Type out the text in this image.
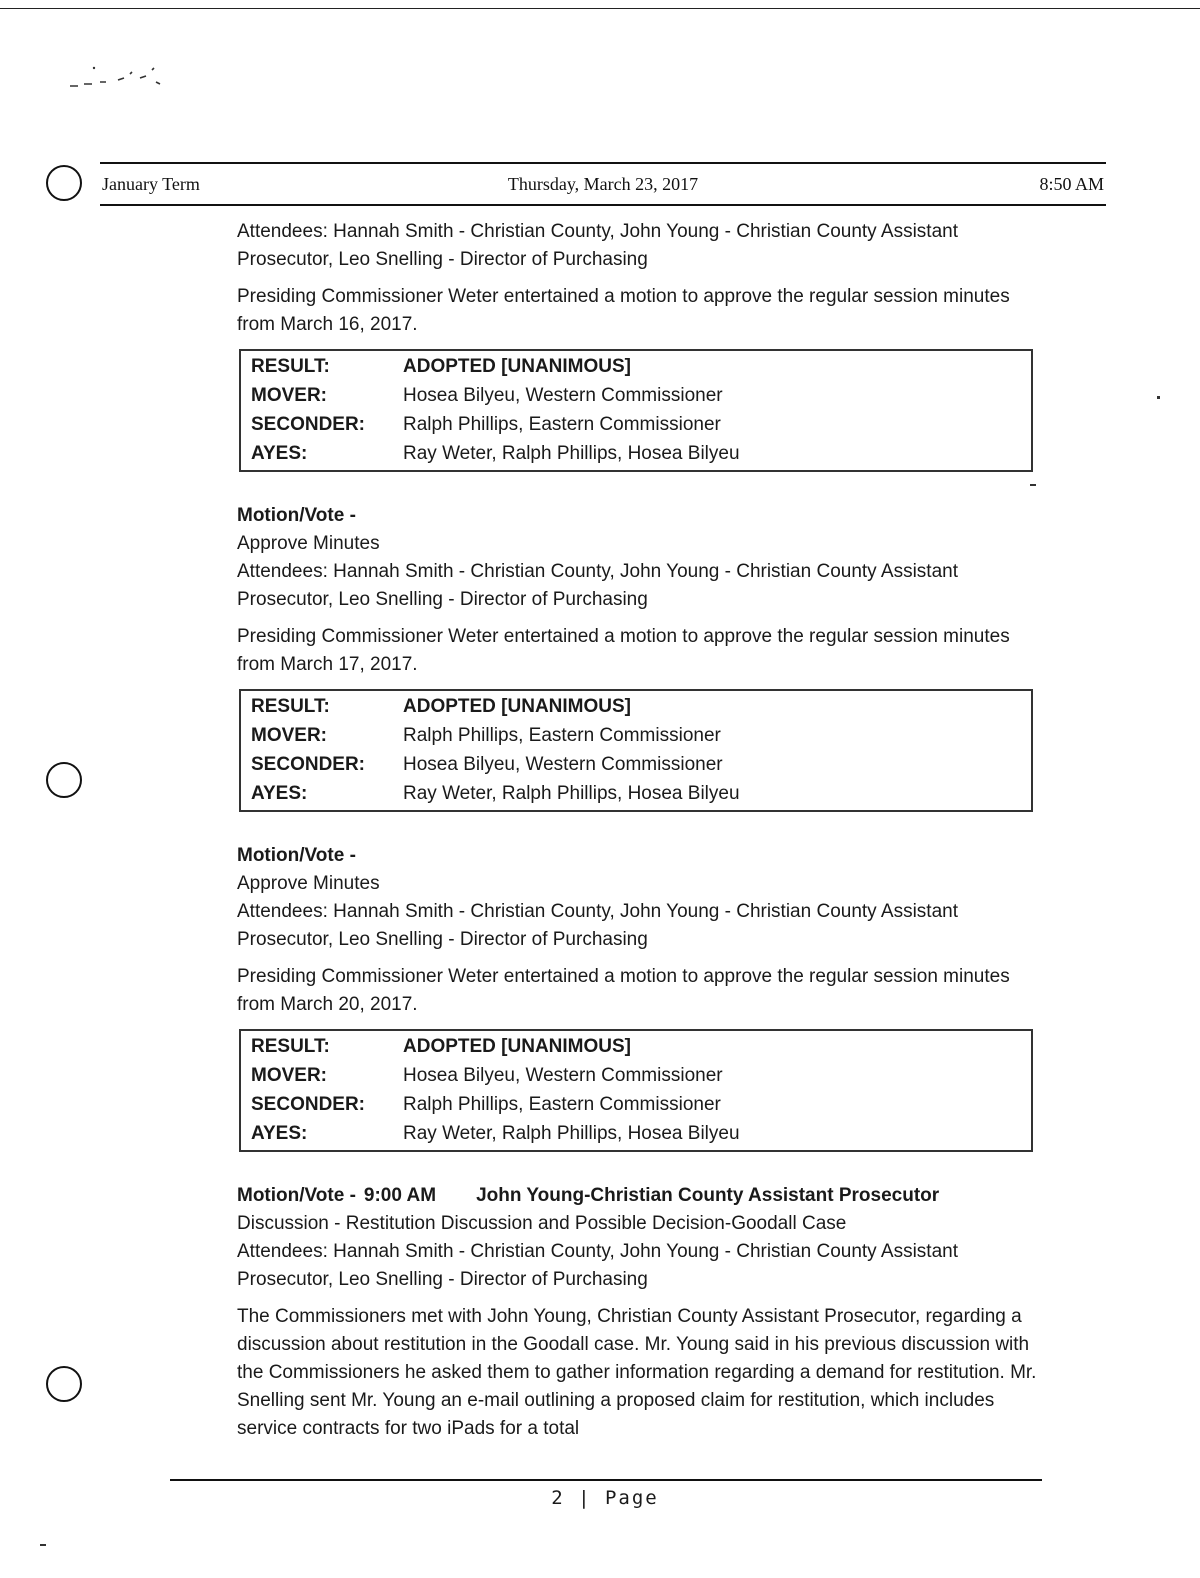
January Term	Thursday, March 23, 2017	8:50 AM

Attendees: Hannah Smith - Christian County, John Young - Christian County Assistant Prosecutor, Leo Snelling - Director of Purchasing

Presiding Commissioner Weter entertained a motion to approve the regular session minutes from March 16, 2017.

RESULT:	ADOPTED [UNANIMOUS]
MOVER:	Hosea Bilyeu, Western Commissioner
SECONDER:	Ralph Phillips, Eastern Commissioner
AYES:	Ray Weter, Ralph Phillips, Hosea Bilyeu

Motion/Vote -

Approve Minutes

Attendees: Hannah Smith - Christian County, John Young - Christian County Assistant Prosecutor, Leo Snelling - Director of Purchasing

Presiding Commissioner Weter entertained a motion to approve the regular session minutes from March 17, 2017.

RESULT:	ADOPTED [UNANIMOUS]
MOVER:	Ralph Phillips, Eastern Commissioner
SECONDER:	Hosea Bilyeu, Western Commissioner
AYES:	Ray Weter, Ralph Phillips, Hosea Bilyeu

Motion/Vote -

Approve Minutes

Attendees: Hannah Smith - Christian County, John Young - Christian County Assistant Prosecutor, Leo Snelling - Director of Purchasing

Presiding Commissioner Weter entertained a motion to approve the regular session minutes from March 20, 2017.

RESULT:	ADOPTED [UNANIMOUS]
MOVER:	Hosea Bilyeu, Western Commissioner
SECONDER:	Ralph Phillips, Eastern Commissioner
AYES:	Ray Weter, Ralph Phillips, Hosea Bilyeu
Motion/Vote - 9:00 AM John Young-Christian County Assistant Prosecutor

Discussion - Restitution Discussion and Possible Decision-Goodall Case

Attendees: Hannah Smith - Christian County, John Young - Christian County Assistant Prosecutor, Leo Snelling - Director of Purchasing

The Commissioners met with John Young, Christian County Assistant Prosecutor, regarding a discussion about restitution in the Goodall case. Mr. Young said in his previous discussion with the Commissioners he asked them to gather information regarding a demand for restitution. Mr. Snelling sent Mr. Young an e-mail outlining a proposed claim for restitution, which includes service contracts for two iPads for a total

2 | Page
